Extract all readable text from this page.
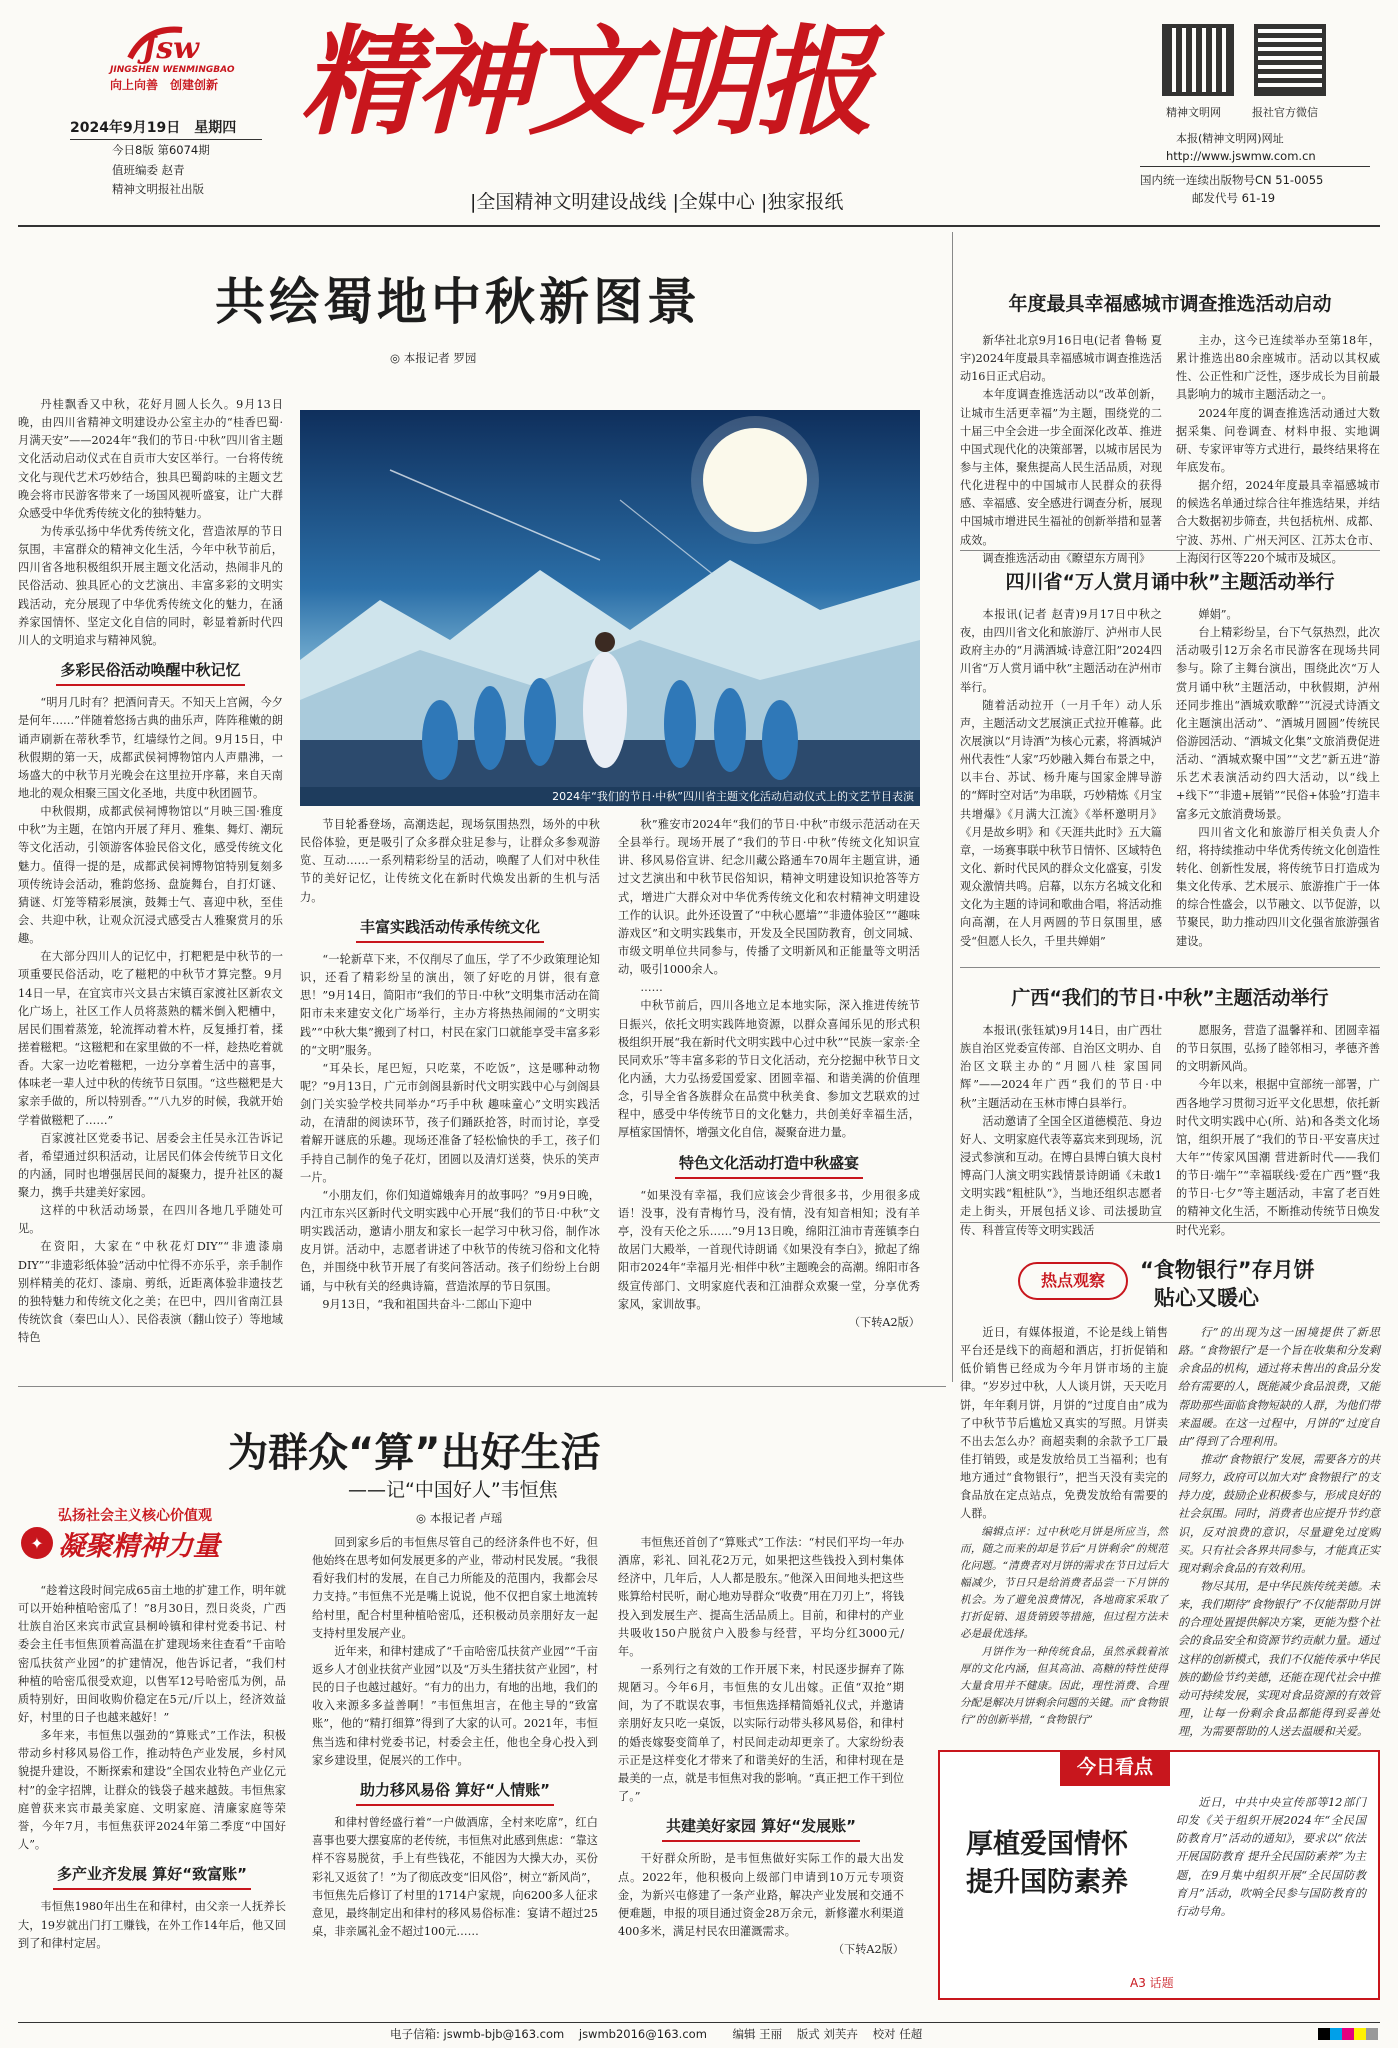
Jsw
JINGSHEN WENMINGBAO
向上向善　创建创新
2024年9月19日　星期四
今日8版 第6074期
值班编委 赵青
精神文明报社出版
精神文明报
|全国精神文明建设战线 |全媒中心 |独家报纸
精神文明网	报社官方微信
本报(精神文明网)网址
http://www.jswmw.com.cn
国内统一连续出版物号CN 51-0055
邮发代号 61-19
共绘蜀地中秋新图景
◎ 本报记者 罗园

丹桂飘香又中秋，花好月圆人长久。9月13日晚，由四川省精神文明建设办公室主办的“桂香巴蜀·月满天安”——2024年“我们的节日·中秋”四川省主题文化活动启动仪式在自贡市大安区举行。一台将传统文化与现代艺术巧妙结合，独具巴蜀韵味的主题文艺晚会将市民游客带来了一场国风视听盛宴，让广大群众感受中华优秀传统文化的独特魅力。

为传承弘扬中华优秀传统文化，营造浓厚的节日氛围，丰富群众的精神文化生活，今年中秋节前后，四川省各地积极组织开展主题文化活动，热闹非凡的民俗活动、独具匠心的文艺演出、丰富多彩的文明实践活动，充分展现了中华优秀传统文化的魅力，在涵养家国情怀、坚定文化自信的同时，彰显着新时代四川人的文明追求与精神风貌。

多彩民俗活动唤醒中秋记忆

“明月几时有？把酒问青天。不知天上宫阙，今夕是何年……”伴随着悠扬古典的曲乐声，阵阵稚嫩的朗诵声刷新在蒂秋季节，红墙绿竹之间。9月15日，中秋假期的第一天，成都武侯祠博物馆内人声鼎沸，一场盛大的中秋节月光晚会在这里拉开序幕，来自天南地北的观众相聚三国文化圣地，共度中秋团圆节。

中秋假期，成都武侯祠博物馆以“月映三国·雅度中秋”为主题，在馆内开展了拜月、雅集、舞灯、潮玩等文化活动，引领游客体验民俗文化，感受传统文化魅力。值得一提的是，成都武侯祠博物馆特别复刻多项传统诗会活动，雅韵悠扬、盘旋舞台，自打灯谜、猜谜、灯笼等精彩展演，鼓舞士气、喜迎中秋，至佳会、共迎中秋，让观众沉浸式感受古人雅聚赏月的乐趣。

在大部分四川人的记忆中，打粑粑是中秋节的一项重要民俗活动，吃了糍粑的中秋节才算完整。9月14日一早，在宜宾市兴文县古宋镇百家渡社区新农文化广场上，社区工作人员将蒸熟的糯米倒入粑槽中，居民们围着蒸笼，轮流挥动着木杵，反复捶打着，揉搓着糍粑。“这糍粑和在家里做的不一样，趁热吃着就香。大家一边吃着糍粑，一边分享着生活中的喜事，体味老一辈人过中秋的传统节日氛围。“这些糍粑是大家亲手做的，所以特别香。”“八九岁的时候，我就开始学着做糍粑了……”

百家渡社区党委书记、居委会主任吴永江告诉记者，希望通过织积活动，让居民们体会传统节日文化的内涵，同时也增强居民间的凝聚力，提升社区的凝聚力，携手共建美好家园。

这样的中秋活动场景，在四川各地几乎随处可见。

在资阳，大家在“中秋花灯DIY”“非遗漆扇DIY”“非遗彩纸体验”活动中忙得不亦乐乎，亲手制作别样精美的花灯、漆扇、剪纸，近距离体验非遗技艺的独特魅力和传统文化之美；在巴中，四川省南江县传统饮食（秦巴山人）、民俗表演（翻山饺子）等地域特色

2024年“我们的节日·中秋”四川省主题文化活动启动仪式上的文艺节目表演

节目轮番登场，高潮迭起，现场氛围热烈，场外的中秋民俗体验，更是吸引了众多群众驻足参与，让群众多参观游览、互动……一系列精彩纷呈的活动，唤醒了人们对中秋佳节的美好记忆，让传统文化在新时代焕发出新的生机与活力。

丰富实践活动传承传统文化

“一轮新草下来，不仅削尽了血压，学了不少政策理论知识，还看了精彩纷呈的演出，领了好吃的月饼，很有意思！”9月14日，简阳市“我们的节日·中秋”文明集市活动在简阳市未来建安文化广场举行，主办方将热热闹闹的“文明实践”“中秋大集”搬到了村口，村民在家门口就能享受丰富多彩的“文明”服务。

“耳朵长，尾巴短，只吃菜，不吃饭”，这是哪种动物呢？”9月13日，广元市剑阁县新时代文明实践中心与剑阁县剑门关实验学校共同举办“巧手中秋 趣味童心”文明实践活动，在清甜的阅读环节，孩子们踊跃抢答，时而讨论，享受着解开谜底的乐趣。现场还准备了轻松愉快的手工，孩子们手持自己制作的兔子花灯，团圆以及清灯送葵，快乐的笑声一片。

“小朋友们，你们知道嫦娥奔月的故事吗？”9月9日晚，内江市东兴区新时代文明实践中心开展“我们的节日·中秋”文明实践活动，邀请小朋友和家长一起学习中秋习俗，制作冰皮月饼。活动中，志愿者讲述了中秋节的传统习俗和文化特色，并围绕中秋节开展了有奖问答活动。孩子们纷纷上台朗诵，与中秋有关的经典诗篇，营造浓厚的节日氛围。

9月13日，“我和祖国共奋斗·二郎山下迎中

秋”雅安市2024年“我们的节日·中秋”市级示范活动在天全县举行。现场开展了“我们的节日·中秋”传统文化知识宣讲、移风易俗宣讲、纪念川藏公路通车70周年主题宣讲，通过文艺演出和中秋节民俗知识，精神文明建设知识抢答等方式，增进广大群众对中华优秀传统文化和农村精神文明建设工作的认识。此外还设置了“中秋心愿墙”“非遗体验区”“趣味游戏区”和文明实践集市，开发及全民国防教育，创文同城、市级文明单位共同参与，传播了文明新风和正能量等文明活动，吸引1000余人。

……

中秋节前后，四川各地立足本地实际，深入推进传统节日振兴，依托文明实践阵地资源，以群众喜闻乐见的形式积极组织开展“我在新时代文明实践中心过中秋”“民族一家亲·全民同欢乐”等丰富多彩的节日文化活动，充分挖掘中秋节日文化内涵，大力弘扬爱国爱家、团圆幸福、和谐美满的价值理念，引导全省各族群众在品赏中秋美食、参加文艺联欢的过程中，感受中华传统节日的文化魅力，共创美好幸福生活，厚植家国情怀，增强文化自信，凝聚奋进力量。

特色文化活动打造中秋盛宴

“如果没有幸福，我们应该会少背很多书，少用很多成语！没事，没有青梅竹马，没有情，没有知音相知；没有羊亭，没有天伦之乐……”9月13日晚，绵阳江油市青莲镇李白故居门大殿举，一首现代诗朗诵《如果没有李白》，掀起了绵阳市2024年“幸福月光·相伴中秋”主题晚会的高潮。绵阳市各级宣传部门、文明家庭代表和江油群众欢聚一堂，分享优秀家风，家训故事。

（下转A2版）
年度最具幸福感城市调查推选活动启动

新华社北京9月16日电(记者 鲁畅 夏宇)2024年度最具幸福感城市调查推选活动16日正式启动。

本年度调查推选活动以“改革创新，让城市生活更幸福”为主题，围绕党的二十届三中全会进一步全面深化改革、推进中国式现代化的决策部署，以城市居民为参与主体，聚焦提高人民生活品质，对现代化进程中的中国城市人民群众的获得感、幸福感、安全感进行调查分析，展现中国城市增进民生福祉的创新举措和显著成效。

调查推选活动由《瞭望东方周刊》

主办，这今已连续举办至第18年，累计推选出80余座城市。活动以其权威性、公正性和广泛性，逐步成长为目前最具影响力的城市主题活动之一。

2024年度的调查推选活动通过大数据采集、问卷调查、材料申报、实地调研、专家评审等方式进行，最终结果将在年底发布。

据介绍，2024年度最具幸福感城市的候选名单通过综合往年推选结果，并结合大数据初步筛查，共包括杭州、成都、宁波、苏州、广州天河区、江苏太仓市、上海闵行区等220个城市及城区。

四川省“万人赏月诵中秋”主题活动举行

本报讯(记者 赵青)9月17日中秋之夜，由四川省文化和旅游厅、泸州市人民政府主办的“月满酒城·诗意江阳”2024四川省“万人赏月诵中秋”主题活动在泸州市举行。

随着活动拉开（一月千年）动人乐声，主题活动文艺展演正式拉开帷幕。此次展演以“月诗酒”为核心元素，将酒城泸州代表性“人家”巧妙融入舞台布景之中，以丰台、苏试、杨升庵与国家金牌导游的“辉时空对话”为串联，巧妙精炼《月宝共增爆》《月满大江流》《举杯邀明月》《月是故乡明》和《天涯共此时》五大篇章，一场赛事联中秋节日情怀、区域特色文化、新时代民风的群众文化盛宴，引发观众激情共鸣。启幕，以东方名城文化和文化为主题的诗词和歌曲合唱，将活动推向高潮，在人月两圆的节日氛围里，感受“但愿人长久，千里共婵娟”

婵娟”。

台上精彩纷呈，台下气氛热烈，此次活动吸引12万余名市民游客在现场共同参与。除了主舞台演出，围绕此次“万人赏月诵中秋”主题活动，中秋假期，泸州还同步推出“酒城欢歌醉”“沉浸式诗酒文化主题演出活动”、“酒城月圆圆”传统民俗游园活动、“酒城文化集”文旅消费促进活动、“酒城欢聚中国”“文艺”新五进“游乐艺术表演活动约四大活动，以“线上+线下”“非遗+展销”“民俗+体验”打造丰富多元文旅消费场景。

四川省文化和旅游厅相关负责人介绍，将持续推动中华优秀传统文化创造性转化、创新性发展，将传统节日打造成为集文化传承、艺术展示、旅游推广于一体的综合性盛会，以节融文、以节促游，以节聚民，助力推动四川文化强省旅游强省建设。

广西“我们的节日·中秋”主题活动举行

本报讯(张钰斌)9月14日，由广西壮族自治区党委宣传部、自治区文明办、自治区文联主办的“月圆八桂 家国同辉”——2024年广西“我们的节日·中秋”主题活动在玉林市博白县举行。

活动邀请了全国全区道德模范、身边好人、文明家庭代表等嘉宾来到现场，沉浸式参演和互动。在博白县博白镇大良村博高门人演文明实践情景诗朗诵《未敢1文明实践“粗桩队”》，当地还组织志愿者走上街头，开展包括义诊、司法援助宣传、科普宣传等文明实践活

愿服务，营造了温馨祥和、团圆幸福的节日氛围，弘扬了睦邻相习，孝德齐善的文明新风尚。

今年以来，根据中宣部统一部署，广西各地学习贯彻习近平文化思想，依托新时代文明实践中心(所、站)和各类文化场馆，组织开展了“我们的节日·平安喜庆过大年”“传家风国潮 营进新时代——我们的节日·端午”“幸福联线·爱在广西”暨“我的节日·七夕”等主题活动，丰富了老百姓的精神文化生活，不断推动传统节日焕发时代光彩。

热点观察	“食物银行”存月饼
贴心又暖心

近日，有媒体报道，不论是线上销售平台还是线下的商超和酒店，打折促销和低价销售已经成为今年月饼市场的主旋律。“岁岁过中秋，人人谈月饼，天天吃月饼，年年剩月饼，月饼的“过度自由”成为了中秋节节后尴尬又真实的写照。月饼卖不出去怎么办？商超卖剩的余款予工厂最佳打销毁，或是发放给员工当福利；也有地方通过“食物银行”，把当天没有卖完的食品放在定点站点，免费发放给有需要的人群。

编辑点评：过中秋吃月饼是所应当，然而，随之而来的却是节后“月饼剩余”的规范化问题。“清费者对月饼的需求在节日过后大幅减少，节日只是给消费者品尝一下月饼的机会。为了避免浪费情况，各地商家采取了打折促销、退货销毁等措施，但过程方法未必是最优选择。

月饼作为一种传统食品，虽然承载着浓厚的文化内涵，但其高油、高糖的特性使得大量食用并不健康。因此，理性消费、合理分配是解决月饼剩余问题的关键。而“食物银行”的创新举措，“食物银行”

行”的出现为这一困境提供了新思路。“食物银行”是一个旨在收集和分发剩余食品的机构，通过将未售出的食品分发给有需要的人，既能减少食品浪费，又能帮助那些面临食物短缺的人群，为他们带来温暖。在这一过程中，月饼的“过度自由”得到了合理利用。

推动“食物银行”发展，需要各方的共同努力，政府可以加大对“食物银行”的支持力度，鼓励企业积极参与，形成良好的社会氛围。同时，消费者也应提升节约意识，反对浪费的意识，尽量避免过度购买。只有社会各界共同参与，才能真正实现对剩余食品的有效利用。

物尽其用，是中华民族传统美德。未来，我们期待“食物银行”不仅能帮助月饼的合理处置提供解决方案，更能为整个社会的食品安全和资源节约贡献力量。通过这样的创新模式，我们不仅能传承中华民族的勤俭节约美德，还能在现代社会中推动可持续发展，实现对食品资源的有效管理，让每一份剩余食品都能得到妥善处理，为需要帮助的人送去温暖和关爱。

今日看点
厚植爱国情怀
提升国防素养

近日，中共中央宣传部等12部门印发《关于组织开展2024年“全民国防教育月”活动的通知》，要求以“依法开展国防教育 提升全民国防素养”为主题，在9月集中组织开展“全民国防教育月”活动，吹响全民参与国防教育的行动号角。

A3 话题
为群众“算”出好生活
——记“中国好人”韦恒焦
◎ 本报记者 卢瑶
弘扬社会主义核心价值观
✦ 凝聚精神力量

“趁着这段时间完成65亩土地的扩建工作，明年就可以开始种植哈密瓜了！”8月30日，烈日炎炎，广西壮族自治区来宾市武宣县桐岭镇和律村党委书记、村委会主任韦恒焦顶着高温在扩建现场来往查看“千亩哈密瓜扶贫产业园”的扩建情况，他告诉记者，“我们村种植的哈密瓜很受欢迎，以售军12号哈密瓜为例，品质特别好，田间收购价稳定在5元/斤以上，经济效益好，村里的日子也越来越好！”

多年来，韦恒焦以强劲的“算账式”工作法，积极带动乡村移风易俗工作，推动特色产业发展，乡村风貌提升建设，不断探索和建设“全国农业特色产业亿元村”的金字招牌，让群众的钱袋子越来越鼓。韦恒焦家庭曾获来宾市最美家庭、文明家庭、清廉家庭等荣誉，今年7月，韦恒焦获评2024年第二季度“中国好人”。

多产业齐发展 算好“致富账”

韦恒焦1980年出生在和律村，由父亲一人抚养长大，19岁就出门打工赚钱，在外工作14年后，他又回到了和律村定居。

回到家乡后的韦恒焦尽管自己的经济条件也不好，但他始终在思考如何发展更多的产业，带动村民发展。“我很看好我们村的发展，在自己力所能及的范围内，我都会尽力支持。”韦恒焦不光是嘴上说说，他不仅把自家土地流转给村里，配合村里种植哈密瓜，还积极动员亲朋好友一起支持村里发展产业。

近年来，和律村建成了“千亩哈密瓜扶贫产业园”“千亩返乡人才创业扶贫产业园”以及“万头生猪扶贫产业园”，村民的日子也越过越好。“有力的出力，有地的出地，我们的收入来源多多益善啊！”韦恒焦坦言，在他主导的“致富账”，他的“精打细算”得到了大家的认可。2021年，韦恒焦当选和律村党委书记，村委会主任，他也全身心投入到家乡建设里，促展兴的工作中。

助力移风易俗 算好“人情账”

和律村曾经盛行着“一户做酒席，全村来吃席”，红白喜事也要大摆宴席的老传统，韦恒焦对此感到焦虑：“靠这样不容易脱贫，手上有些钱花，不能因为大操大办，买份彩礼又返贫了！”为了彻底改变“旧风俗”，树立“新风尚”，韦恒焦先后修订了村里的1714户家规，向6200多人征求意见，最终制定出和律村的移风易俗标准：宴请不超过25桌，非亲属礼金不超过100元……

韦恒焦还首创了“算账式”工作法：“村民们平均一年办酒席，彩礼、回礼花2万元，如果把这些钱投入到村集体经济中，几年后，人人都是股东。”他深入田间地头把这些账算给村民听，耐心地劝导群众“收费”用在刀刃上”，将钱投入到发展生产、提高生活品质上。目前，和律村的产业共吸收150户脱贫户入股参与经营，平均分红3000元/年。

一系列行之有效的工作开展下来，村民逐步摒弃了陈规陋习。今年6月，韦恒焦的女儿出嫁。正值“双抢”期间，为了不耽误农事，韦恒焦选择精简婚礼仪式，并邀请亲朋好友只吃一桌饭，以实际行动带头移风易俗，和律村的婚丧嫁娶变简单了，村民间走动却更亲了。大家纷纷表示正是这样变化才带来了和谐美好的生活，和律村现在是最美的一点，就是韦恒焦对我的影响。“真正把工作干到位了。”

共建美好家园 算好“发展账”

干好群众所盼，是韦恒焦做好实际工作的最大出发点。2022年，他积极向上级部门申请到10万元专项资金，为新兴屯修建了一条产业路，解决产业发展和交通不便难题，申报的项目通过资金28万余元，新修灌水利渠道400多米，满足村民农田灌溉需求。

（下转A2版）
电子信箱: jswmb-bjb@163.com jswmb2016@163.com 编辑 王丽 版式 刘芙卉 校对 任超
